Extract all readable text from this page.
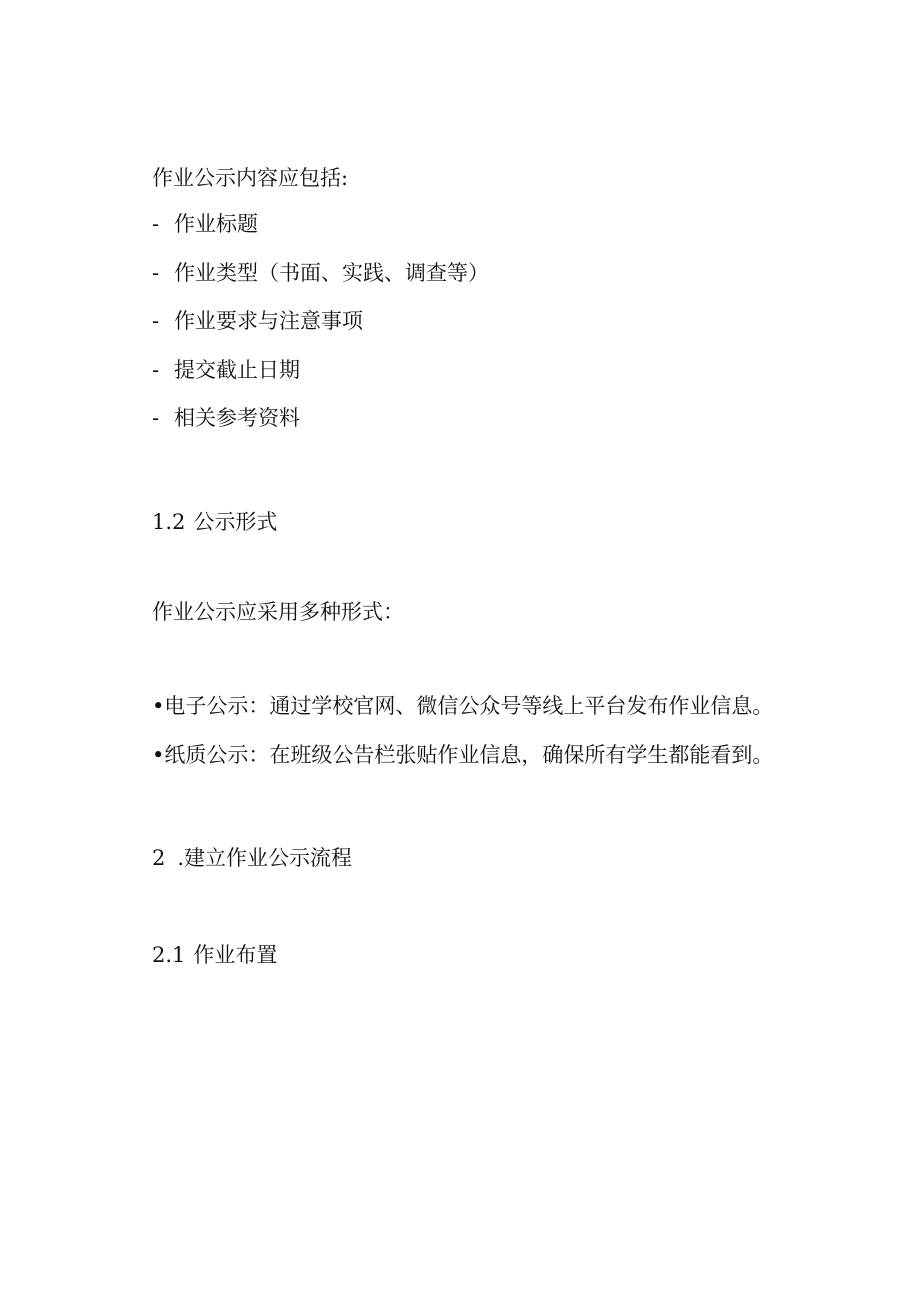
作业公示内容应包括:

- 作业标题
- 作业类型（书面、实践、调查等）
- 作业要求与注意事项
- 提交截止日期
- 相关参考资料
1.2 公示形式

作业公示应采用多种形式：

•电子公示：通过学校官网、微信公众号等线上平台发布作业信息。
•纸质公示：在班级公告栏张贴作业信息，确保所有学生都能看到。
2 .建立作业公示流程
2.1 作业布置
